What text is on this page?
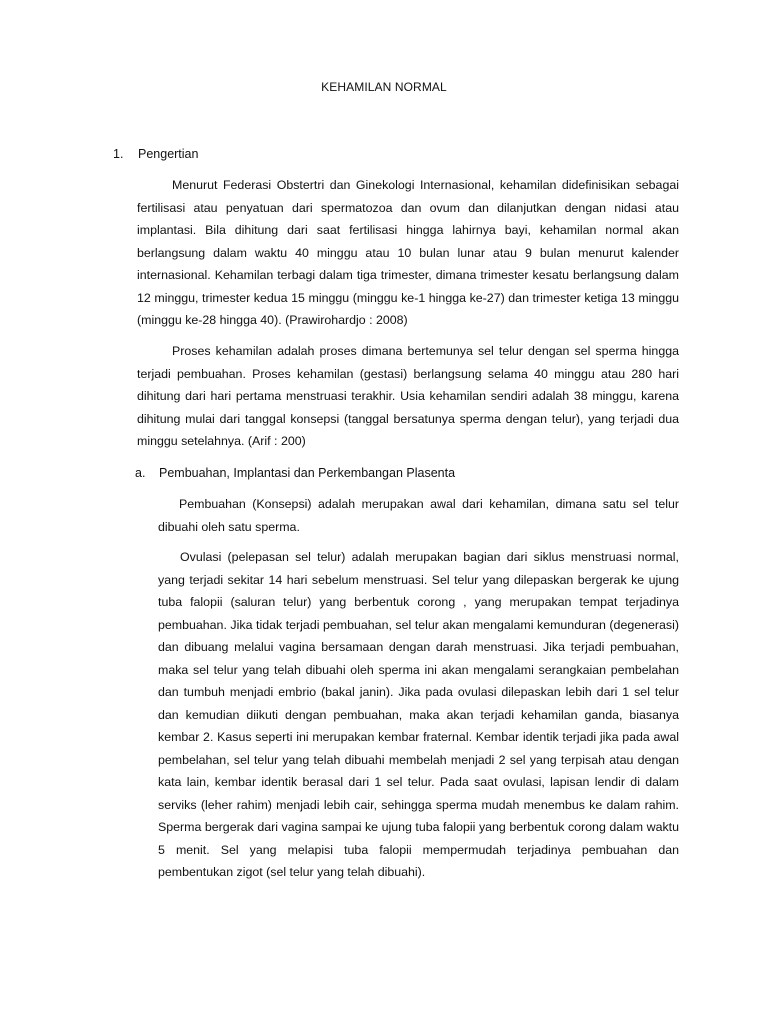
KEHAMILAN NORMAL
1. Pengertian

Menurut Federasi Obstertri dan Ginekologi Internasional, kehamilan didefinisikan sebagai fertilisasi atau penyatuan dari spermatozoa dan ovum dan dilanjutkan dengan nidasi atau implantasi. Bila dihitung dari saat fertilisasi hingga lahirnya bayi, kehamilan normal akan berlangsung dalam waktu 40 minggu atau 10 bulan lunar atau 9 bulan menurut kalender internasional. Kehamilan terbagi dalam tiga trimester, dimana trimester kesatu berlangsung dalam 12 minggu, trimester kedua 15 minggu (minggu ke-1 hingga ke-27) dan trimester ketiga 13 minggu (minggu ke-28 hingga 40). (Prawirohardjo : 2008)

Proses kehamilan adalah proses dimana bertemunya sel telur dengan sel sperma hingga terjadi pembuahan. Proses kehamilan (gestasi) berlangsung selama 40 minggu atau 280 hari dihitung dari hari pertama menstruasi terakhir. Usia kehamilan sendiri adalah 38 minggu, karena dihitung mulai dari tanggal konsepsi (tanggal bersatunya sperma dengan telur), yang terjadi dua minggu setelahnya. (Arif : 200)

a. Pembuahan, Implantasi dan Perkembangan Plasenta

Pembuahan (Konsepsi) adalah merupakan awal dari kehamilan, dimana satu sel telur dibuahi oleh satu sperma.

Ovulasi (pelepasan sel telur) adalah merupakan bagian dari siklus menstruasi normal, yang terjadi sekitar 14 hari sebelum menstruasi. Sel telur yang dilepaskan bergerak ke ujung tuba falopii (saluran telur) yang berbentuk corong , yang merupakan tempat terjadinya pembuahan. Jika tidak terjadi pembuahan, sel telur akan mengalami kemunduran (degenerasi) dan dibuang melalui vagina bersamaan dengan darah menstruasi. Jika terjadi pembuahan, maka sel telur yang telah dibuahi oleh sperma ini akan mengalami serangkaian pembelahan dan tumbuh menjadi embrio (bakal janin). Jika pada ovulasi dilepaskan lebih dari 1 sel telur dan kemudian diikuti dengan pembuahan, maka akan terjadi kehamilan ganda, biasanya kembar 2. Kasus seperti ini merupakan kembar fraternal. Kembar identik terjadi jika pada awal pembelahan, sel telur yang telah dibuahi membelah menjadi 2 sel yang terpisah atau dengan kata lain, kembar identik berasal dari 1 sel telur. Pada saat ovulasi, lapisan lendir di dalam serviks (leher rahim) menjadi lebih cair, sehingga sperma mudah menembus ke dalam rahim. Sperma bergerak dari vagina sampai ke ujung tuba falopii yang berbentuk corong dalam waktu 5 menit. Sel yang melapisi tuba falopii mempermudah terjadinya pembuahan dan pembentukan zigot (sel telur yang telah dibuahi).
